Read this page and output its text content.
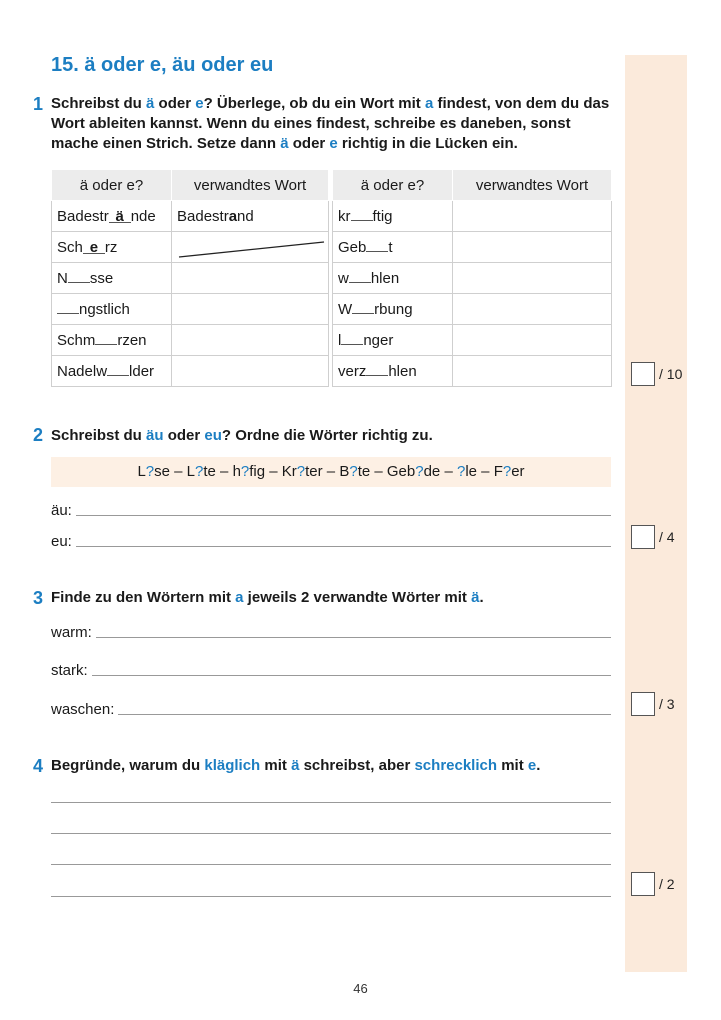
15. ä oder e, äu oder eu
1 Schreibst du ä oder e? Überlege, ob du ein Wort mit a findest, von dem du das Wort ableiten kannst. Wenn du eines findest, schreibe es daneben, sonst mache einen Strich. Setze dann ä oder e richtig in die Lücken ein.
ä oder e?	verwandtes Wort		ä oder e?	verwandtes Wort
Badestr ä nde	Badestrand		kr ftig	
Sch e rz			Geb t	
N sse			w hlen	
ngstlich			W rbung	
Schm rzen			l nger	
Nadelw lder			verz hlen		/ 10
2 Schreibst du äu oder eu? Ordne die Wörter richtig zu.
L?se – L?te – h?fig – Kr?ter – B?te – Geb?de – ?le – F?er
äu:
eu:	/ 4
3 Finde zu den Wörtern mit a jeweils 2 verwandte Wörter mit ä.
warm:
stark:
waschen:	/ 3
4 Begründe, warum du kläglich mit ä schreibst, aber schrecklich mit e.
/ 2
46
